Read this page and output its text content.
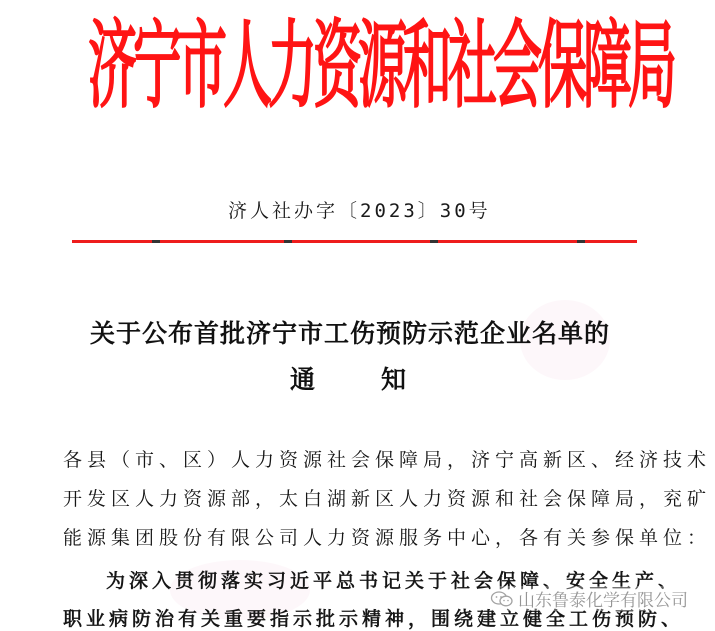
济
宁
市
人
力
资
源
和
社
会
保
障
局
济人社办字〔2023〕30号
关于公布首批济宁市工伤预防示范企业名单的
通	知
各县（市、区）人力资源社会保障局，济宁高新区、经济技术
开发区人力资源部，太白湖新区人力资源和社会保障局，兖矿
能源集团股份有限公司人力资源服务中心，各有关参保单位：
为深入贯彻落实习近平总书记关于社会保障、安全生产、
职业病防治有关重要指示批示精神，围绕建立健全工伤预防、
山东鲁泰化学有限公司
